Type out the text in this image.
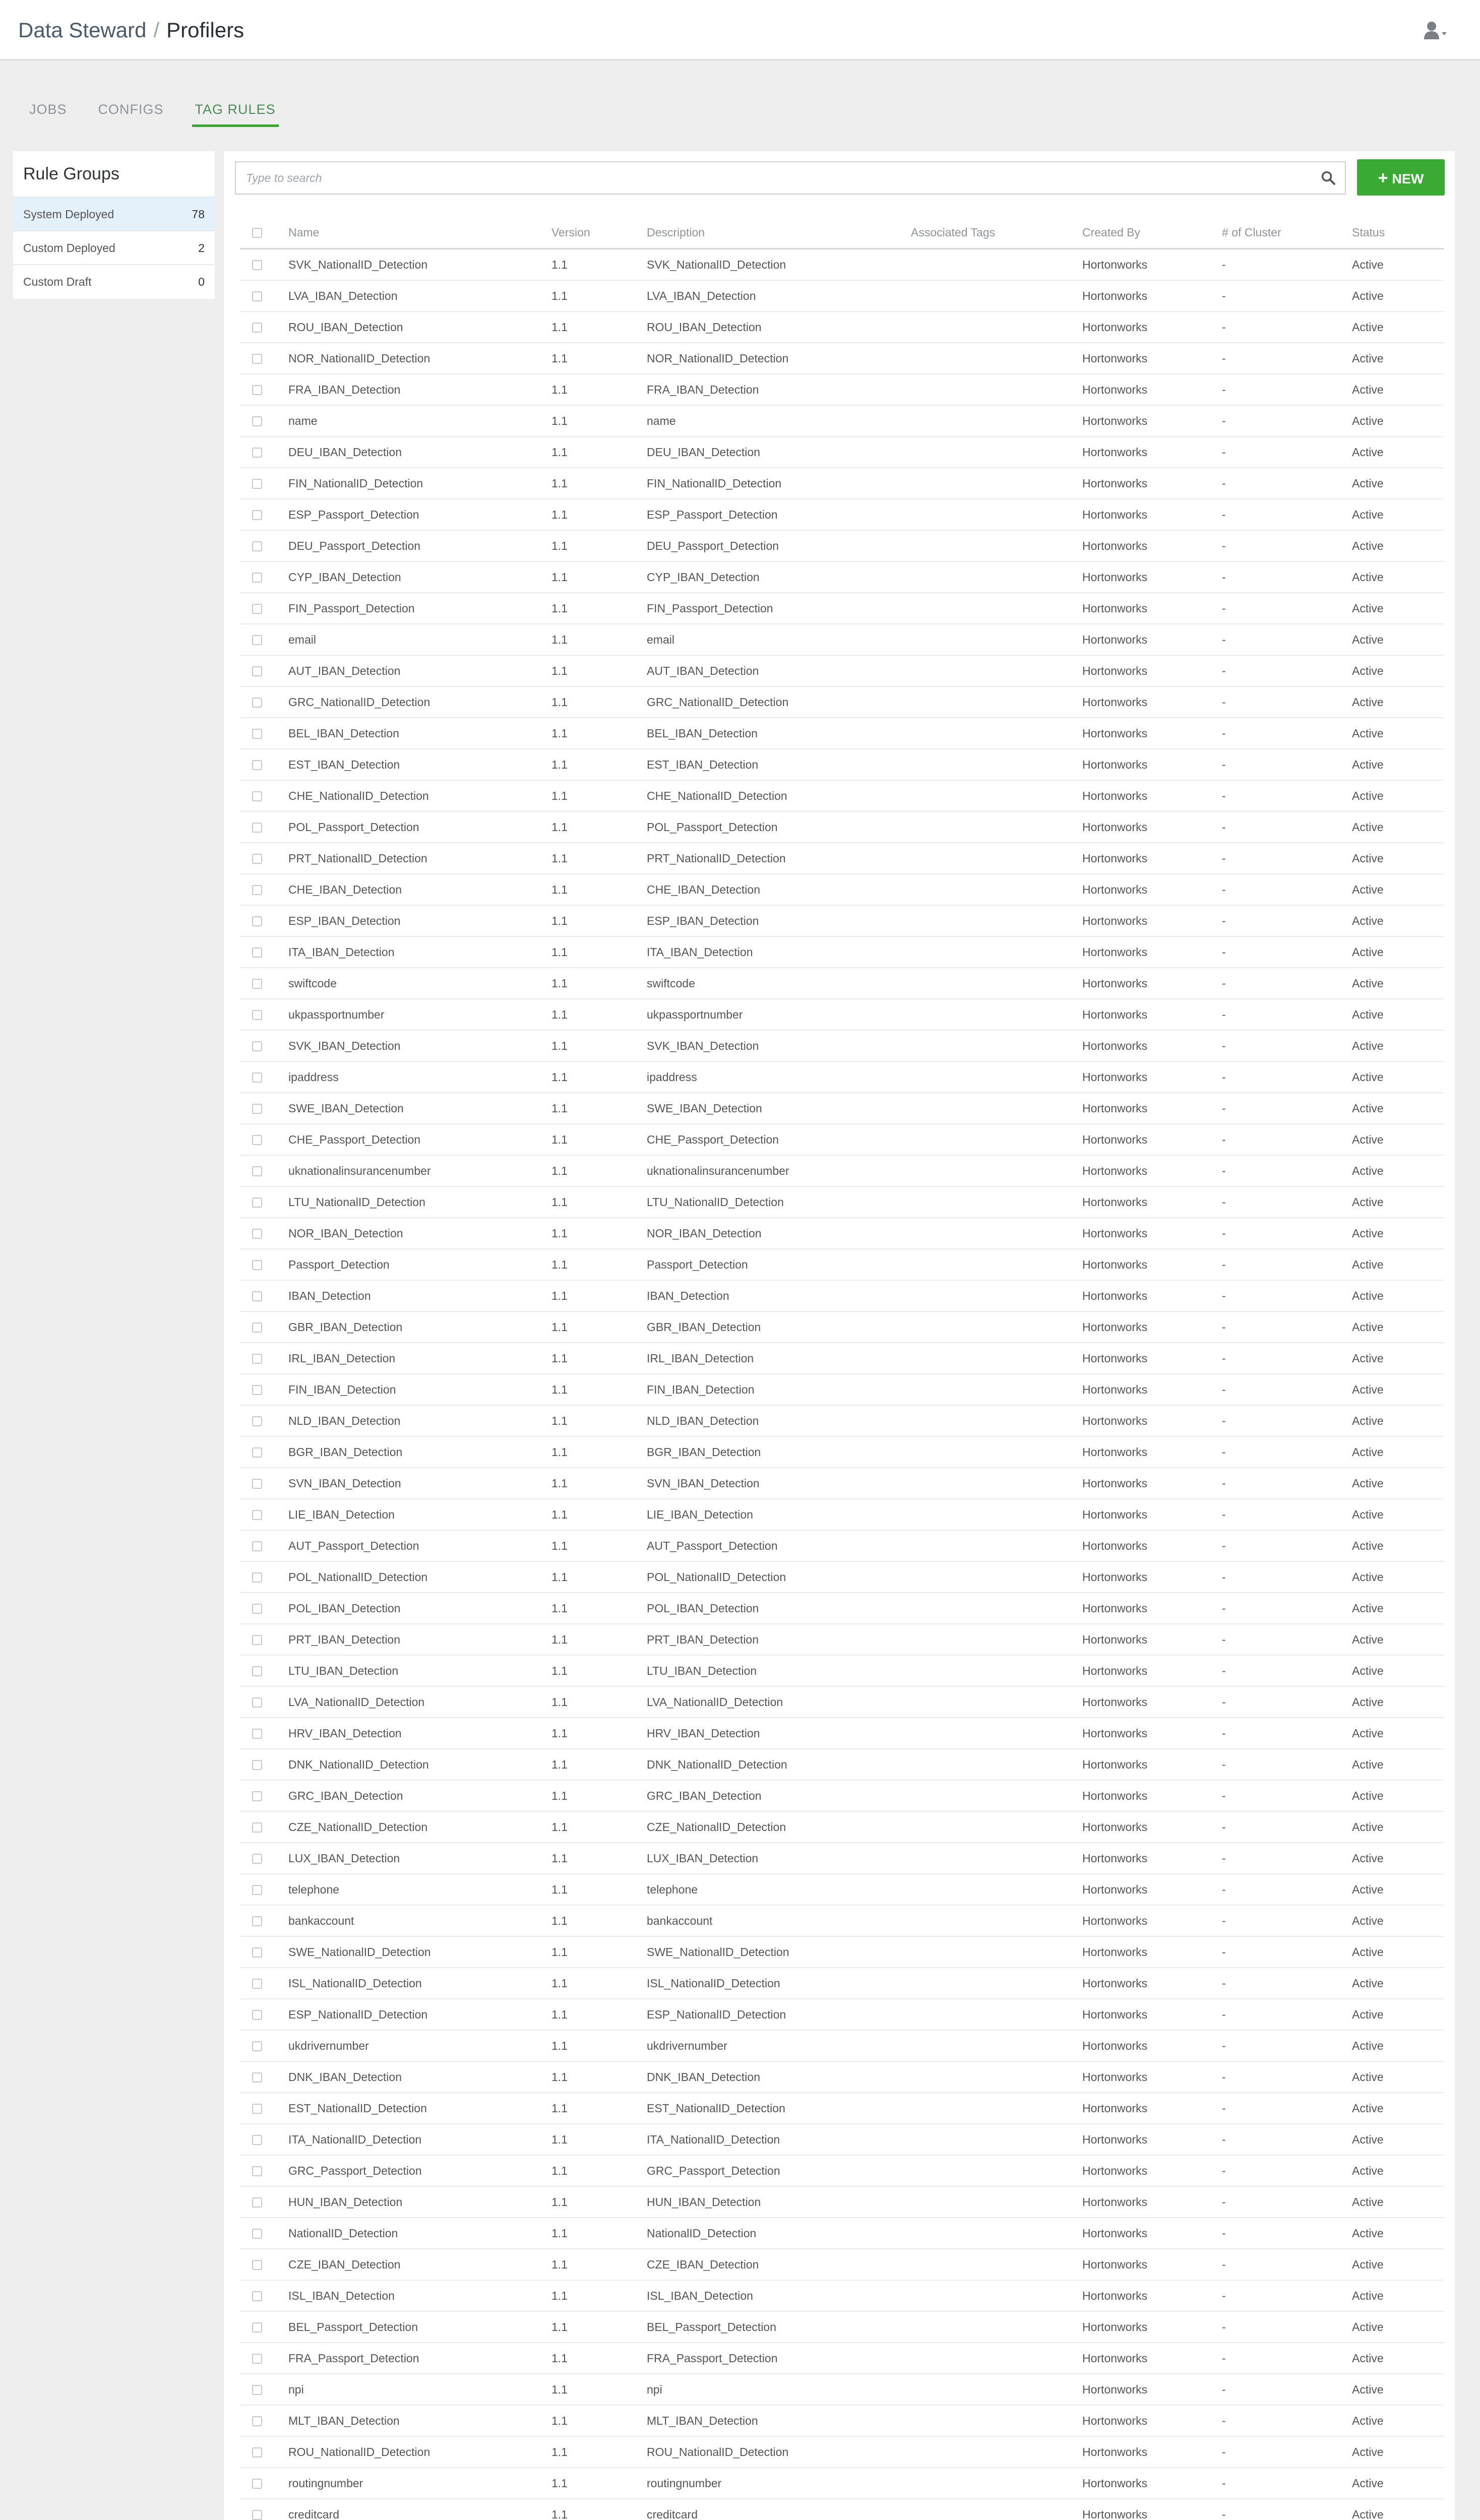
Data Steward / Profilers
JOBS CONFIGS TAG RULES
Rule Groups
System Deployed	78
Custom Deployed	2
Custom Draft	0
Type to search
+ NEW
	Name	Version	Description	Associated Tags	Created By	# of Cluster	Status
	SVK_NationalID_Detection	1.1	SVK_NationalID_Detection		Hortonworks	-	Active
	LVA_IBAN_Detection	1.1	LVA_IBAN_Detection		Hortonworks	-	Active
	ROU_IBAN_Detection	1.1	ROU_IBAN_Detection		Hortonworks	-	Active
	NOR_NationalID_Detection	1.1	NOR_NationalID_Detection		Hortonworks	-	Active
	FRA_IBAN_Detection	1.1	FRA_IBAN_Detection		Hortonworks	-	Active
	name	1.1	name		Hortonworks	-	Active
	DEU_IBAN_Detection	1.1	DEU_IBAN_Detection		Hortonworks	-	Active
	FIN_NationalID_Detection	1.1	FIN_NationalID_Detection		Hortonworks	-	Active
	ESP_Passport_Detection	1.1	ESP_Passport_Detection		Hortonworks	-	Active
	DEU_Passport_Detection	1.1	DEU_Passport_Detection		Hortonworks	-	Active
	CYP_IBAN_Detection	1.1	CYP_IBAN_Detection		Hortonworks	-	Active
	FIN_Passport_Detection	1.1	FIN_Passport_Detection		Hortonworks	-	Active
	email	1.1	email		Hortonworks	-	Active
	AUT_IBAN_Detection	1.1	AUT_IBAN_Detection		Hortonworks	-	Active
	GRC_NationalID_Detection	1.1	GRC_NationalID_Detection		Hortonworks	-	Active
	BEL_IBAN_Detection	1.1	BEL_IBAN_Detection		Hortonworks	-	Active
	EST_IBAN_Detection	1.1	EST_IBAN_Detection		Hortonworks	-	Active
	CHE_NationalID_Detection	1.1	CHE_NationalID_Detection		Hortonworks	-	Active
	POL_Passport_Detection	1.1	POL_Passport_Detection		Hortonworks	-	Active
	PRT_NationalID_Detection	1.1	PRT_NationalID_Detection		Hortonworks	-	Active
	CHE_IBAN_Detection	1.1	CHE_IBAN_Detection		Hortonworks	-	Active
	ESP_IBAN_Detection	1.1	ESP_IBAN_Detection		Hortonworks	-	Active
	ITA_IBAN_Detection	1.1	ITA_IBAN_Detection		Hortonworks	-	Active
	swiftcode	1.1	swiftcode		Hortonworks	-	Active
	ukpassportnumber	1.1	ukpassportnumber		Hortonworks	-	Active
	SVK_IBAN_Detection	1.1	SVK_IBAN_Detection		Hortonworks	-	Active
	ipaddress	1.1	ipaddress		Hortonworks	-	Active
	SWE_IBAN_Detection	1.1	SWE_IBAN_Detection		Hortonworks	-	Active
	CHE_Passport_Detection	1.1	CHE_Passport_Detection		Hortonworks	-	Active
	uknationalinsurancenumber	1.1	uknationalinsurancenumber		Hortonworks	-	Active
	LTU_NationalID_Detection	1.1	LTU_NationalID_Detection		Hortonworks	-	Active
	NOR_IBAN_Detection	1.1	NOR_IBAN_Detection		Hortonworks	-	Active
	Passport_Detection	1.1	Passport_Detection		Hortonworks	-	Active
	IBAN_Detection	1.1	IBAN_Detection		Hortonworks	-	Active
	GBR_IBAN_Detection	1.1	GBR_IBAN_Detection		Hortonworks	-	Active
	IRL_IBAN_Detection	1.1	IRL_IBAN_Detection		Hortonworks	-	Active
	FIN_IBAN_Detection	1.1	FIN_IBAN_Detection		Hortonworks	-	Active
	NLD_IBAN_Detection	1.1	NLD_IBAN_Detection		Hortonworks	-	Active
	BGR_IBAN_Detection	1.1	BGR_IBAN_Detection		Hortonworks	-	Active
	SVN_IBAN_Detection	1.1	SVN_IBAN_Detection		Hortonworks	-	Active
	LIE_IBAN_Detection	1.1	LIE_IBAN_Detection		Hortonworks	-	Active
	AUT_Passport_Detection	1.1	AUT_Passport_Detection		Hortonworks	-	Active
	POL_NationalID_Detection	1.1	POL_NationalID_Detection		Hortonworks	-	Active
	POL_IBAN_Detection	1.1	POL_IBAN_Detection		Hortonworks	-	Active
	PRT_IBAN_Detection	1.1	PRT_IBAN_Detection		Hortonworks	-	Active
	LTU_IBAN_Detection	1.1	LTU_IBAN_Detection		Hortonworks	-	Active
	LVA_NationalID_Detection	1.1	LVA_NationalID_Detection		Hortonworks	-	Active
	HRV_IBAN_Detection	1.1	HRV_IBAN_Detection		Hortonworks	-	Active
	DNK_NationalID_Detection	1.1	DNK_NationalID_Detection		Hortonworks	-	Active
	GRC_IBAN_Detection	1.1	GRC_IBAN_Detection		Hortonworks	-	Active
	CZE_NationalID_Detection	1.1	CZE_NationalID_Detection		Hortonworks	-	Active
	LUX_IBAN_Detection	1.1	LUX_IBAN_Detection		Hortonworks	-	Active
	telephone	1.1	telephone		Hortonworks	-	Active
	bankaccount	1.1	bankaccount		Hortonworks	-	Active
	SWE_NationalID_Detection	1.1	SWE_NationalID_Detection		Hortonworks	-	Active
	ISL_NationalID_Detection	1.1	ISL_NationalID_Detection		Hortonworks	-	Active
	ESP_NationalID_Detection	1.1	ESP_NationalID_Detection		Hortonworks	-	Active
	ukdrivernumber	1.1	ukdrivernumber		Hortonworks	-	Active
	DNK_IBAN_Detection	1.1	DNK_IBAN_Detection		Hortonworks	-	Active
	EST_NationalID_Detection	1.1	EST_NationalID_Detection		Hortonworks	-	Active
	ITA_NationalID_Detection	1.1	ITA_NationalID_Detection		Hortonworks	-	Active
	GRC_Passport_Detection	1.1	GRC_Passport_Detection		Hortonworks	-	Active
	HUN_IBAN_Detection	1.1	HUN_IBAN_Detection		Hortonworks	-	Active
	NationalID_Detection	1.1	NationalID_Detection		Hortonworks	-	Active
	CZE_IBAN_Detection	1.1	CZE_IBAN_Detection		Hortonworks	-	Active
	ISL_IBAN_Detection	1.1	ISL_IBAN_Detection		Hortonworks	-	Active
	BEL_Passport_Detection	1.1	BEL_Passport_Detection		Hortonworks	-	Active
	FRA_Passport_Detection	1.1	FRA_Passport_Detection		Hortonworks	-	Active
	npi	1.1	npi		Hortonworks	-	Active
	MLT_IBAN_Detection	1.1	MLT_IBAN_Detection		Hortonworks	-	Active
	ROU_NationalID_Detection	1.1	ROU_NationalID_Detection		Hortonworks	-	Active
	routingnumber	1.1	routingnumber		Hortonworks	-	Active
	creditcard	1.1	creditcard		Hortonworks	-	Active
